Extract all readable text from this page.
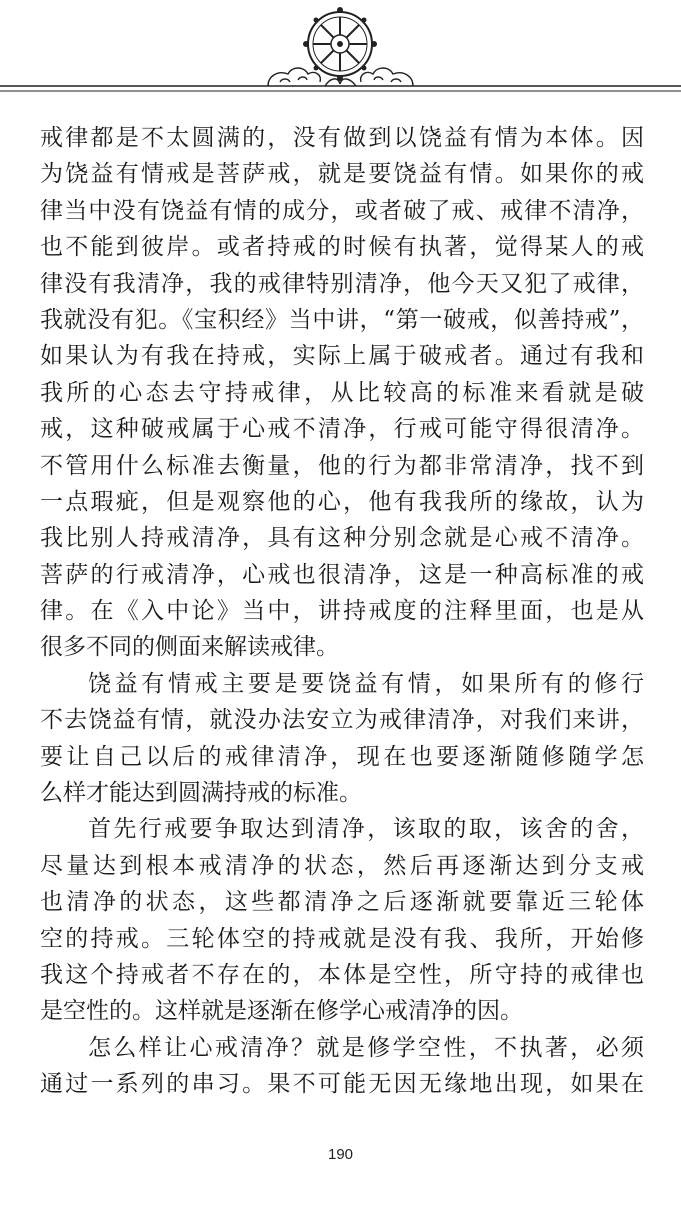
戒律都是不太圆满的，没有做到以饶益有情为本体。因
为饶益有情戒是菩萨戒，就是要饶益有情。如果你的戒
律当中没有饶益有情的成分，或者破了戒、戒律不清净，
也不能到彼岸。或者持戒的时候有执著，觉得某人的戒
律没有我清净，我的戒律特别清净，他今天又犯了戒律，
我就没有犯。《宝积经》当中讲，“第一破戒，似善持戒”，
如果认为有我在持戒，实际上属于破戒者。通过有我和
我所的心态去守持戒律，从比较高的标准来看就是破
戒，这种破戒属于心戒不清净，行戒可能守得很清净。
不管用什么标准去衡量，他的行为都非常清净，找不到
一点瑕疵，但是观察他的心，他有我我所的缘故，认为
我比别人持戒清净，具有这种分别念就是心戒不清净。
菩萨的行戒清净，心戒也很清净，这是一种高标准的戒
律。在《入中论》当中，讲持戒度的注释里面，也是从
很多不同的侧面来解读戒律。
饶益有情戒主要是要饶益有情，如果所有的修行
不去饶益有情，就没办法安立为戒律清净，对我们来讲，
要让自己以后的戒律清净，现在也要逐渐随修随学怎
么样才能达到圆满持戒的标准。
首先行戒要争取达到清净，该取的取，该舍的舍，
尽量达到根本戒清净的状态，然后再逐渐达到分支戒
也清净的状态，这些都清净之后逐渐就要靠近三轮体
空的持戒。三轮体空的持戒就是没有我、我所，开始修
我这个持戒者不存在的，本体是空性，所守持的戒律也
是空性的。这样就是逐渐在修学心戒清净的因。
怎么样让心戒清净？就是修学空性，不执著，必须
通过一系列的串习。果不可能无因无缘地出现，如果在
190
